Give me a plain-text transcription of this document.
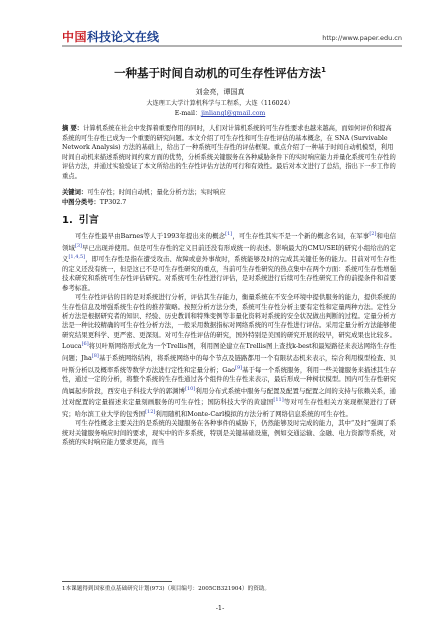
中国 科技论文在线	http://www.paper.edu.cn
一种基于时间自动机的可生存性评估方法$^1$
刘金亮，谭国真
大连理工大学计算机科学与工程系，大连（116024）
E-mail：jinliangl@gmail.com
摘 要：计算机系统在社会中发挥着重要作用的同时，人们对计算机系统的可生存性要求也越来越高，而如何评价和提高系统的可生存性已成为一个重要的研究问题。本文介绍了可生存性和可生存性评估的基本概念，在 SNA (Survivable Network Analysis) 方法的基础上，给出了一种系统可生存性的评估框架。重点介绍了一种基于时间自动机模型，利用时间自动机来描述系统时间约束方面的优势，分析系统关键服务在各种威胁条件下的实时响应能力并量化系统可生存性的评估方法，并通过实验验证了本文所给出的生存性评估方法的可行和有效性。最后对本文进行了总结，指出下一步工作的重点。
关键词：可生存性；时间自动机；量化分析方法；实时响应
中图分类号：TP302.7
1. 引言

可生存性最早由Barnes等人于1993年提出来的概念[1]，可生存性其实不是一个新的概念名词，在军事[2]和电信领域[3]早已出现并使用。但是可生存性的定义目前还没有形成统一的表述。影响最大的CMU/SEI的研究小组给出的定义[1,4,5]，即可生存性是指在遭受攻击、故障或意外事故时，系统能够及时的完成其关键任务的能力。目前对可生存性的定义还没有统一，但是这已不是可生存性研究的重点，当前可生存性研究的热点集中在两个方面：系统可生存性增强技术研究和系统可生存性评估研究。对系统可生存性进行评估，是对系统进行后续可生存性研究工作的前提条件和首要参考标准。

可生存性评估的目的是对系统进行分析，评估其生存能力，衡量系统在不安全环境中提供服务的能力，提供系统的生存性信息及增强系统生存性的推荐策略。按照分析方法分类，系统可生存性分析主要有定性和定量两种方法。定性分析方法是根据研究者的知识、经验、历史教训和特殊变例等非量化资料对系统的安全状况做出判断的过程。定量分析方法是一种比较精确的可生存性分析方法，一般采用数据指标对网络系统的可生存性进行评估。采用定量分析方法能够使研究结果更科学、更严密、更深刻。对可生存性评估的研究，国外特别是美国的研究开展的较早，研究成果也比较多。Louca[6]将贝叶斯网络形式化为一个Trellis图，利用图论建立在Trellis图上查找k-best和最短路径来表达网络生存性问题；Jha[8]基于系统网络结构，将系统网络中的每个节点及链路都用一个有限状态机来表示，综合利用模型检查、贝叶斯分析以及概率系统等数学方法进行定性和定量分析；Gao[9]基于每一个系统服务，利用一些关键服务来描述其生存性，通过一定的分析，将整个系统的生存性通过各个组件的生存性来表示，最后形成一种树状模型。国内可生存性研究尚属起步阶段，西安电子科技大学的郭渊博[10]利用分布式系统中服务与配置及配置与配置之间的支持与依赖关系，通过对配置的定量描述来定量刻画服务的可生存性；国防科技大学的黄建国[11]等对可生存性相关方案现框架进行了研究；哈尔滨工业大学的包秀国[12]利用随机和Monte-Carl模拟的方法分析了网络信息系统的可生存性。

可生存性概念主要关注的是系统的关键服务在各种事件的威胁下，仍然能够及时完成的能力，其中“及时”强调了系统对关键服务响应时间的要求，现实中的许多系统，特别是关键基础设施，例如交通运输、金融、电力资源等系统，对系统的实时响应能力要求更高，而当

1本课题得到国家重点基础研究计划(973)（项目编号：2005CB321904）的资助。
-1-
